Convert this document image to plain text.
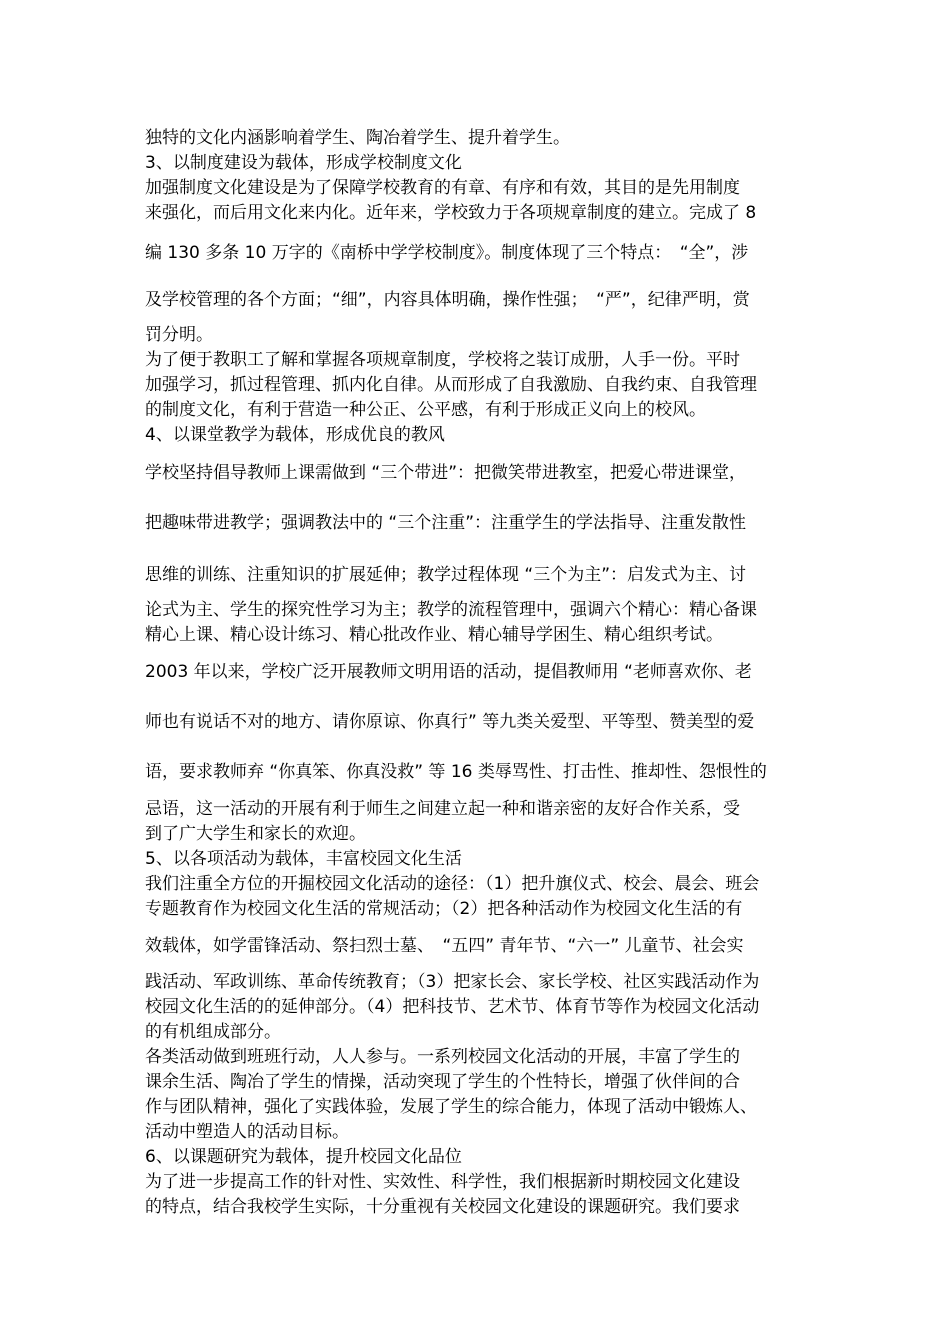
独特的文化内涵影响着学生、陶冶着学生、提升着学生。

3、以制度建设为载体，形成学校制度文化

加强制度文化建设是为了保障学校教育的有章、有序和有效，其目的是先用制度

来强化，而后用文化来内化。近年来，学校致力于各项规章制度的建立。完成了 8

编 130 多条 10 万字的《南桥中学学校制度》。制度体现了三个特点：　“全”，涉

及学校管理的各个方面；“细”，内容具体明确，操作性强；　“严”，纪律严明，赏

罚分明。

为了便于教职工了解和掌握各项规章制度，学校将之装订成册，人手一份。平时

加强学习，抓过程管理、抓内化自律。从而形成了自我激励、自我约束、自我管理

的制度文化，有利于营造一种公正、公平感，有利于形成正义向上的校风。

4、以课堂教学为载体，形成优良的教风

学校坚持倡导教师上课需做到 “三个带进”：把微笑带进教室，把爱心带进课堂，

把趣味带进教学；强调教法中的 “三个注重”：注重学生的学法指导、注重发散性

思维的训练、注重知识的扩展延伸；教学过程体现 “三个为主”：启发式为主、讨

论式为主、学生的探究性学习为主；教学的流程管理中，强调六个精心：精心备课

精心上课、精心设计练习、精心批改作业、精心辅导学困生、精心组织考试。

2003 年以来，学校广泛开展教师文明用语的活动，提倡教师用 “老师喜欢你、老

师也有说话不对的地方、请你原谅、你真行” 等九类关爱型、平等型、赞美型的爱

语，要求教师弃 “你真笨、你真没救” 等 16 类辱骂性、打击性、推却性、怨恨性的

忌语，这一活动的开展有利于师生之间建立起一种和谐亲密的友好合作关系，受

到了广大学生和家长的欢迎。

5、以各项活动为载体，丰富校园文化生活

我们注重全方位的开掘校园文化活动的途径：（1）把升旗仪式、校会、晨会、班会

专题教育作为校园文化生活的常规活动；（2）把各种活动作为校园文化生活的有

效载体，如学雷锋活动、祭扫烈士墓、　“五四” 青年节、“六一” 儿童节、社会实

践活动、军政训练、革命传统教育；（3）把家长会、家长学校、社区实践活动作为

校园文化生活的的延伸部分。（4）把科技节、艺术节、体育节等作为校园文化活动

的有机组成部分。

各类活动做到班班行动，人人参与。一系列校园文化活动的开展，丰富了学生的

课余生活、陶冶了学生的情操，活动突现了学生的个性特长，增强了伙伴间的合

作与团队精神，强化了实践体验，发展了学生的综合能力，体现了活动中锻炼人、

活动中塑造人的活动目标。

6、以课题研究为载体，提升校园文化品位

为了进一步提高工作的针对性、实效性、科学性，我们根据新时期校园文化建设

的特点，结合我校学生实际，十分重视有关校园文化建设的课题研究。我们要求
